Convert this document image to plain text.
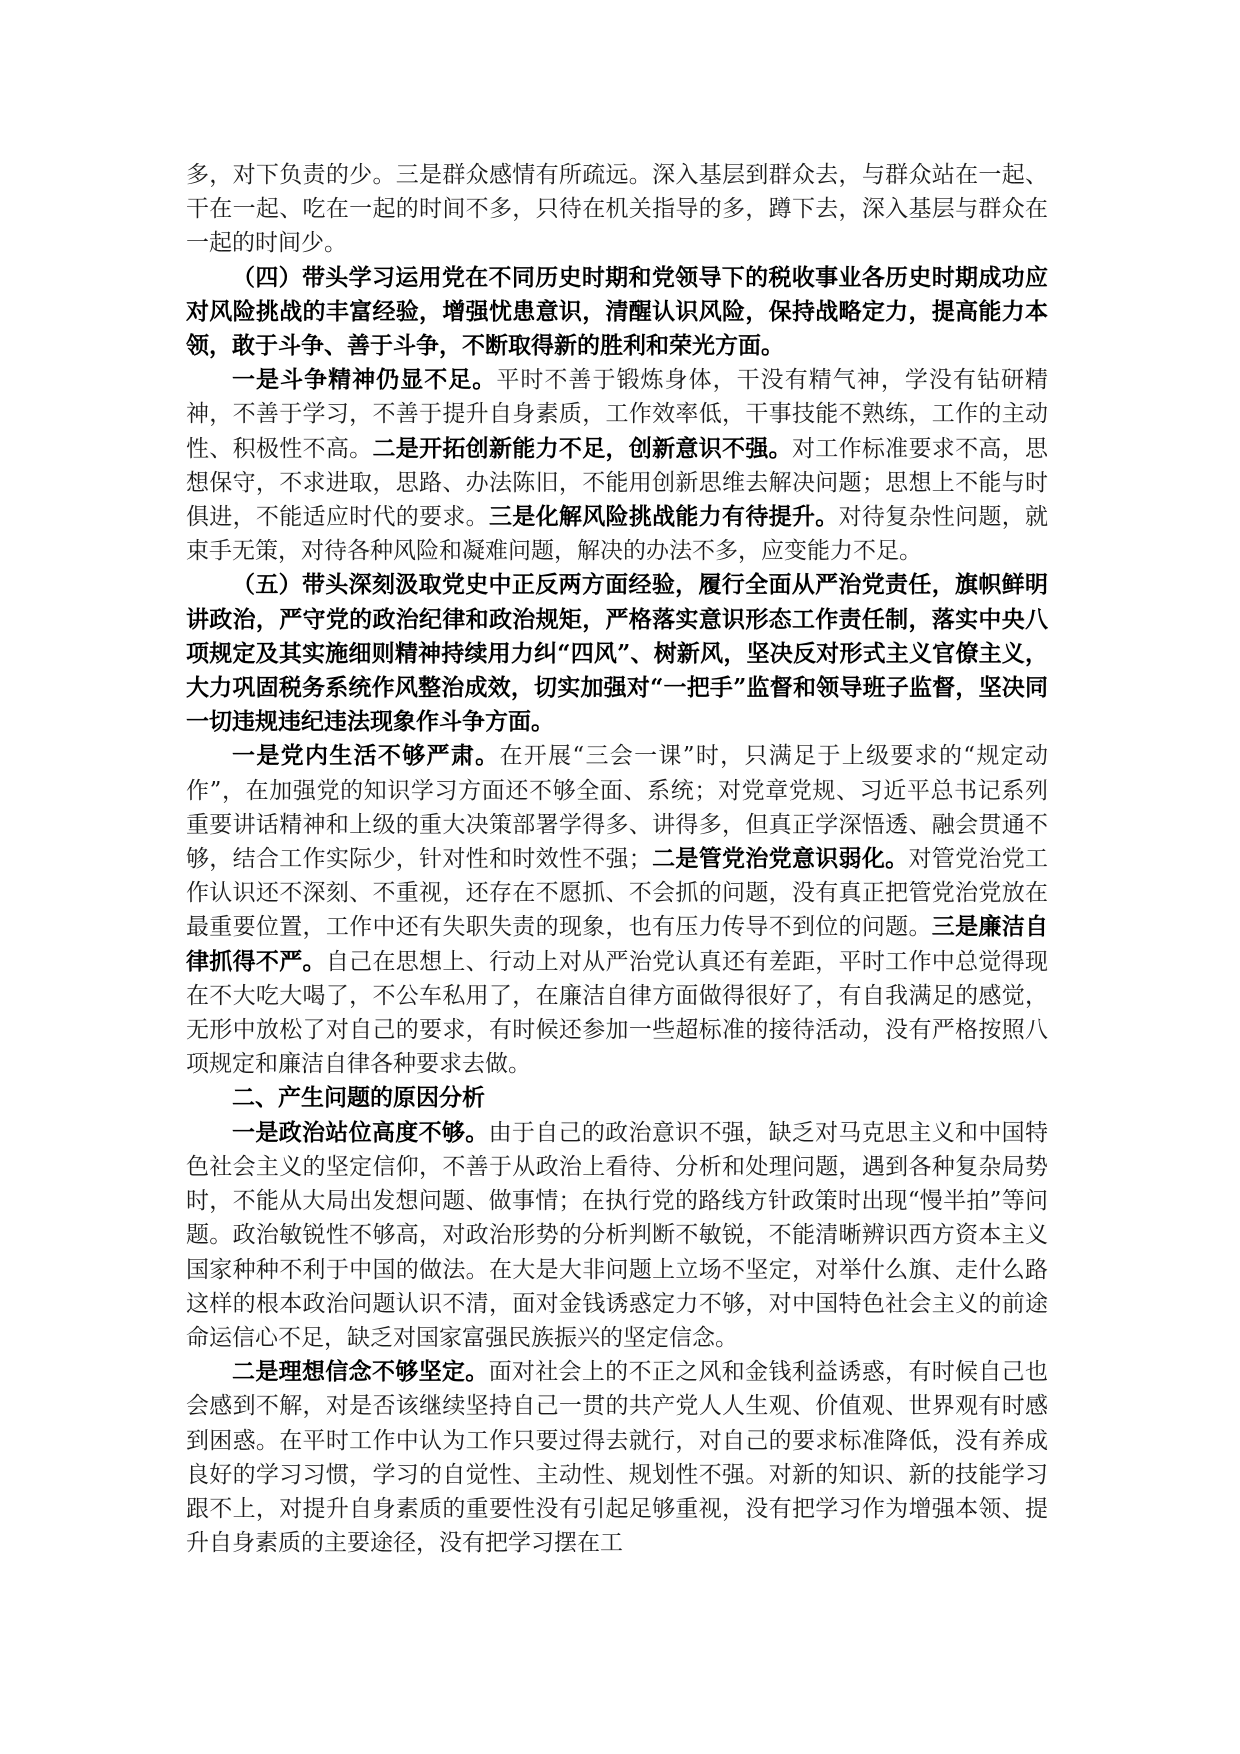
多，对下负责的少。三是群众感情有所疏远。深入基层到群众去，与群众站在一起、干在一起、吃在一起的时间不多，只待在机关指导的多，蹲下去，深入基层与群众在一起的时间少。

（四）带头学习运用党在不同历史时期和党领导下的税收事业各历史时期成功应对风险挑战的丰富经验，增强忧患意识，清醒认识风险，保持战略定力，提高能力本领，敢于斗争、善于斗争，不断取得新的胜利和荣光方面。

一是斗争精神仍显不足。平时不善于锻炼身体，干没有精气神，学没有钻研精神，不善于学习，不善于提升自身素质，工作效率低，干事技能不熟练，工作的主动性、积极性不高。二是开拓创新能力不足，创新意识不强。对工作标准要求不高，思想保守，不求进取，思路、办法陈旧，不能用创新思维去解决问题；思想上不能与时俱进，不能适应时代的要求。三是化解风险挑战能力有待提升。对待复杂性问题，就束手无策，对待各种风险和凝难问题，解决的办法不多，应变能力不足。

（五）带头深刻汲取党史中正反两方面经验，履行全面从严治党责任，旗帜鲜明讲政治，严守党的政治纪律和政治规矩，严格落实意识形态工作责任制，落实中央八项规定及其实施细则精神持续用力纠“四风”、树新风，坚决反对形式主义官僚主义，大力巩固税务系统作风整治成效，切实加强对“一把手”监督和领导班子监督，坚决同一切违规违纪违法现象作斗争方面。

一是党内生活不够严肃。在开展“三会一课”时，只满足于上级要求的“规定动作”，在加强党的知识学习方面还不够全面、系统；对党章党规、习近平总书记系列重要讲话精神和上级的重大决策部署学得多、讲得多，但真正学深悟透、融会贯通不够，结合工作实际少，针对性和时效性不强；二是管党治党意识弱化。对管党治党工作认识还不深刻、不重视，还存在不愿抓、不会抓的问题，没有真正把管党治党放在最重要位置，工作中还有失职失责的现象，也有压力传导不到位的问题。三是廉洁自律抓得不严。自己在思想上、行动上对从严治党认真还有差距，平时工作中总觉得现在不大吃大喝了，不公车私用了，在廉洁自律方面做得很好了，有自我满足的感觉，无形中放松了对自己的要求，有时候还参加一些超标准的接待活动，没有严格按照八项规定和廉洁自律各种要求去做。

二、产生问题的原因分析

一是政治站位高度不够。由于自己的政治意识不强，缺乏对马克思主义和中国特色社会主义的坚定信仰，不善于从政治上看待、分析和处理问题，遇到各种复杂局势时，不能从大局出发想问题、做事情；在执行党的路线方针政策时出现“慢半拍”等问题。政治敏锐性不够高，对政治形势的分析判断不敏锐，不能清晰辨识西方资本主义国家种种不利于中国的做法。在大是大非问题上立场不坚定，对举什么旗、走什么路这样的根本政治问题认识不清，面对金钱诱惑定力不够，对中国特色社会主义的前途命运信心不足，缺乏对国家富强民族振兴的坚定信念。

二是理想信念不够坚定。面对社会上的不正之风和金钱利益诱惑，有时候自己也会感到不解，对是否该继续坚持自己一贯的共产党人人生观、价值观、世界观有时感到困惑。在平时工作中认为工作只要过得去就行，对自己的要求标准降低，没有养成良好的学习习惯，学习的自觉性、主动性、规划性不强。对新的知识、新的技能学习跟不上，对提升自身素质的重要性没有引起足够重视，没有把学习作为增强本领、提升自身素质的主要途径，没有把学习摆在工
